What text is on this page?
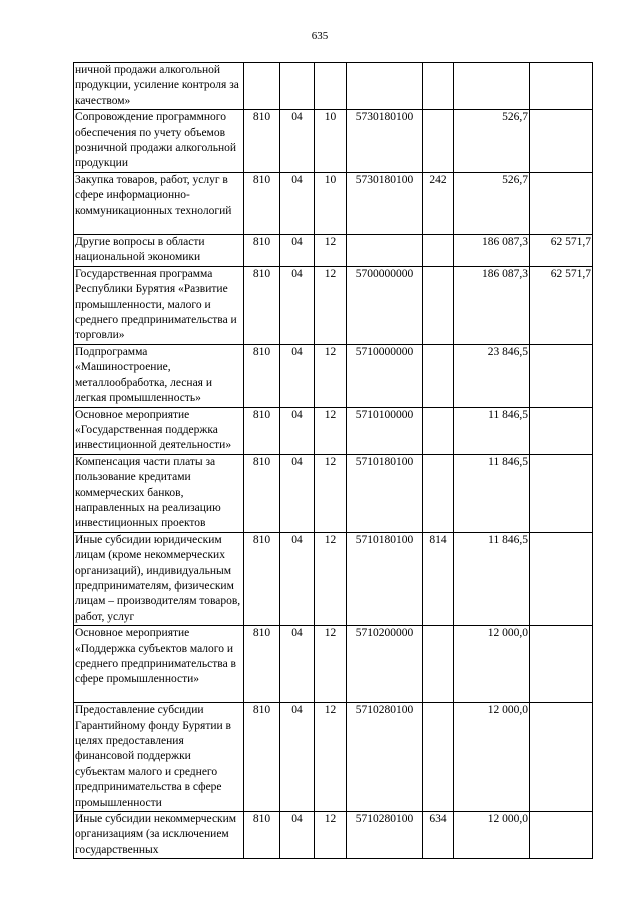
635
ничной продажи алкогольной продукции, усиление контроля за качеством»							
Сопровождение программного обеспечения по учету объемов розничной продажи алкогольной продукции	810	04	10	5730180100		526,7	
Закупка товаров, работ, услуг в сфере информационно-коммуникационных технологий	810	04	10	5730180100	242	526,7	
Другие вопросы в области национальной экономики	810	04	12			186 087,3	62 571,7
Государственная программа Республики Бурятия «Развитие промышленности, малого и среднего предпринимательства и торговли»	810	04	12	5700000000		186 087,3	62 571,7
Подпрограмма «Машиностроение, металлообработка, лесная и легкая промышленность»	810	04	12	5710000000		23 846,5	
Основное мероприятие «Государственная поддержка инвестиционной деятельности»	810	04	12	5710100000		11 846,5	
Компенсация части платы за пользование кредитами коммерческих банков, направленных на реализацию инвестиционных проектов	810	04	12	5710180100		11 846,5	
Иные субсидии юридическим лицам (кроме некоммерческих организаций), индивидуальным предпринимателям, физическим лицам – производителям товаров, работ, услуг	810	04	12	5710180100	814	11 846,5	
Основное мероприятие «Поддержка субъектов малого и среднего предпринимательства в сфере промышленности»	810	04	12	5710200000		12 000,0	
Предоставление субсидии Гарантийному фонду Бурятии в целях предоставления финансовой поддержки субъектам малого и среднего предпринимательства в сфере промышленности	810	04	12	5710280100		12 000,0	
Иные субсидии некоммерческим организациям (за исключением государственных	810	04	12	5710280100	634	12 000,0	
